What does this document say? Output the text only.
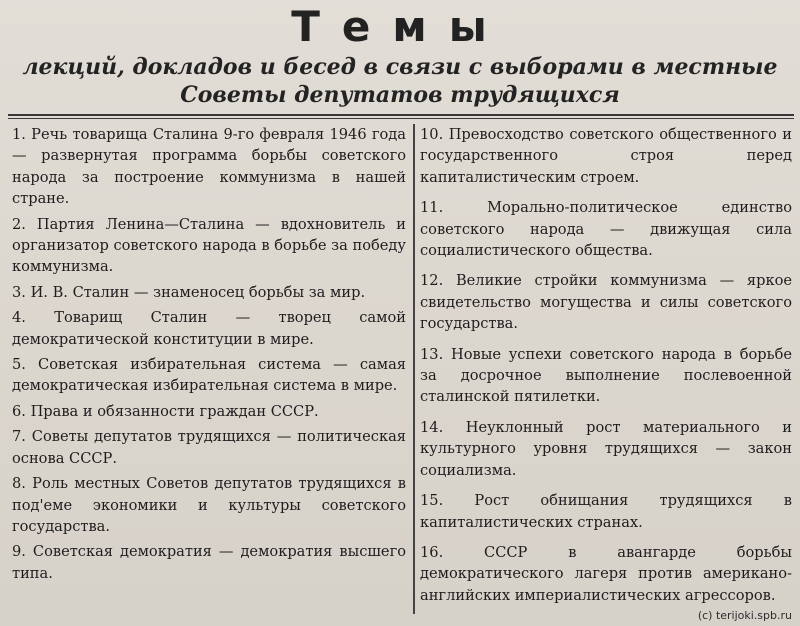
Темы
лекций, докладов и бесед в связи с выборами в местные
Советы депутатов трудящихся

1. Речь товарища Сталина 9-го февраля 1946 года — развернутая программа борьбы советского народа за построение коммунизма в нашей стране.

2. Партия Ленина—Сталина — вдохновитель и организатор советского народа в борьбе за победу коммунизма.

3. И. В. Сталин — знаменосец борьбы за мир.

4. Товарищ Сталин — творец самой демократической конституции в мире.

5. Советская избирательная система — самая демократическая избирательная система в мире.

6. Права и обязанности граждан СССР.

7. Советы депутатов трудящихся — политическая основа СССР.

8. Роль местных Советов депутатов трудящихся в под'еме экономики и культуры советского государства.

9. Советская демократия — демократия высшего типа.

10. Превосходство советского общественного и государственного строя перед капиталистическим строем.

11. Морально-политическое единство советского народа — движущая сила социалистического общества.

12. Великие стройки коммунизма — яркое свидетельство могущества и силы советского государства.

13. Новые успехи советского народа в борьбе за досрочное выполнение послевоенной сталинской пятилетки.

14. Неуклонный рост материального и культурного уровня трудящихся — закон социализма.

15. Рост обнищания трудящихся в капиталистических странах.

16. СССР в авангарде борьбы демократического лагеря против американо-английских империалистических агрессоров.

(c) terijoki.spb.ru
